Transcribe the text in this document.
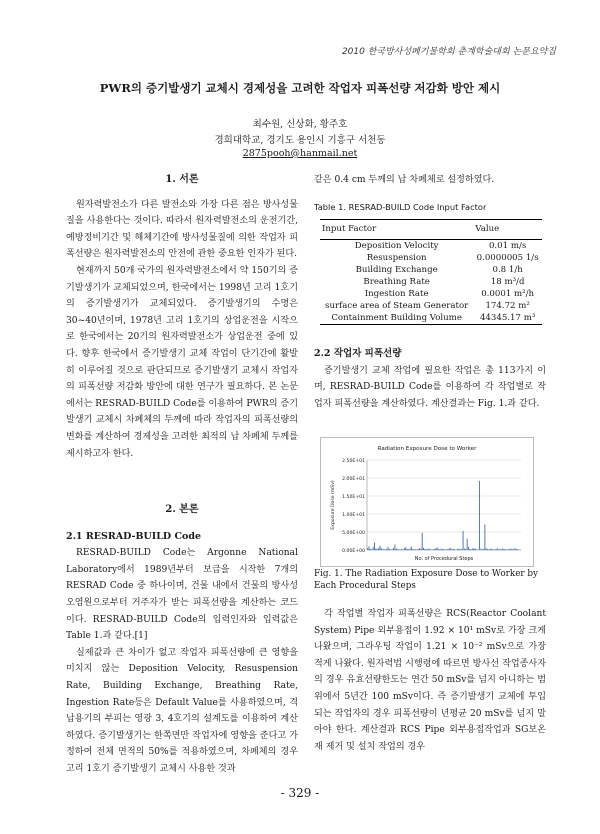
2010 한국방사성폐기물학회 춘계학술대회 논문요약집
PWR의 증기발생기 교체시 경제성을 고려한 작업자 피폭선량 저감화 방안 제시
최수원, 신상화, 황주호
경희대학교, 경기도 용인시 기흥구 서천동
2875pooh@hanmail.net
1. 서론

원자력발전소가 다른 발전소와 가장 다른 점은 방사성물질을 사용한다는 것이다. 따라서 원자력발전소의 운전기간, 예방정비기간 및 해체기간에 방사성물질에 의한 작업자 피폭선량은 원자력발전소의 안전에 관한 중요한 인자가 된다.

현재까지 50개 국가의 원자력발전소에서 약 150기의 증기발생기가 교체되었으며, 한국에서는 1998년 고리 1호기의 증기발생기가 교체되었다. 증기발생기의 수명은 30~40년이며, 1978년 고리 1호기의 상업운전을 시작으로 한국에서는 20기의 원자력발전소가 상업운전 중에 있다. 향후 한국에서 증기발생기 교체 작업이 단기간에 활발히 이루어질 것으로 판단되므로 증기발생기 교체시 작업자의 피폭선량 저감화 방안에 대한 연구가 필요하다. 본 논문에서는 RESRAD-BUILD Code를 이용하여 PWR의 증기발생기 교체시 차폐체의 두께에 따라 작업자의 피폭선량의 변화를 계산하여 경제성을 고려한 최적의 납 차폐체 두께를 제시하고자 한다.

2. 본론
2.1 RESRAD-BUILD Code

RESRAD-BUILD Code는 Argonne National Laboratory에서 1989년부터 보급을 시작한 7개의 RESRAD Code 중 하나이며, 건물 내에서 건물의 방사성오염원으로부터 거주자가 받는 피폭선량을 계산하는 코드이다. RESRAD-BUILD Code의 입력인자와 입력값은 Table 1.과 같다.[1]

실제값과 큰 차이가 없고 작업자 피폭선량에 큰 영향을 미치지 않는 Deposition Velocity, Resuspension Rate, Building Exchange, Breathing Rate, Ingestion Rate등은 Default Value를 사용하였으며, 격납용기의 부피는 영광 3, 4호기의 설계도를 이용하여 계산하였다. 증기발생기는 한쪽면만 작업자에 영향을 준다고 가정하여 전체 면적의 50%를 적용하였으며, 차폐체의 경우 고리 1호기 증기발생기 교체시 사용한 것과

같은 0.4 cm 두께의 납 차폐체로 설정하였다.
Table 1. RESRAD-BUILD Code Input Factor
Input Factor	Value
Deposition Velocity	0.01 m/s
Resuspension	0.0000005 1/s
Building Exchange	0.8 1/h
Breathing Rate	18 m³/d
Ingestion Rate	0.0001 m²/h
surface area of Steam Generator	174.72 m²
Containment Building Volume	44345.17 m³
2.2 작업자 피폭선량

증기발생기 교체 작업에 필요한 작업은 총 113가지 이며, RESRAD-BUILD Code를 이용하여 각 작업별로 작업자 피폭선량을 계산하였다. 계산결과는 Fig. 1.과 같다.

Radiation Exposure Dose to Worker
0.00E+00
5.00E+00
1.00E+01
1.50E+01
2.00E+01
2.50E+01
No. of Procedural Steps
Exposure Dose (mSv)
Fig. 1. The Radiation Exposure Dose to Worker by Each Procedural Steps

각 작업별 작업자 피폭선량은 RCS(Reactor Coolant System) Pipe 외부용접이 1.92 × 10¹ mSv로 가장 크게 나왔으며, 그라우팅 작업이 1.21 × 10⁻² mSv으로 가장 적게 나왔다. 원자력법 시행령에 따르면 방사선 작업종사자의 경우 유효선량한도는 연간 50 mSv를 넘지 아니하는 범위에서 5년간 100 mSv이다. 즉 증기발생기 교체에 투입되는 작업자의 경우 피폭선량이 년평균 20 mSv를 넘지 말아야 한다. 계산결과 RCS Pipe 외부용접작업과 SG보온재 제거 및 설치 작업의 경우

- 329 -
